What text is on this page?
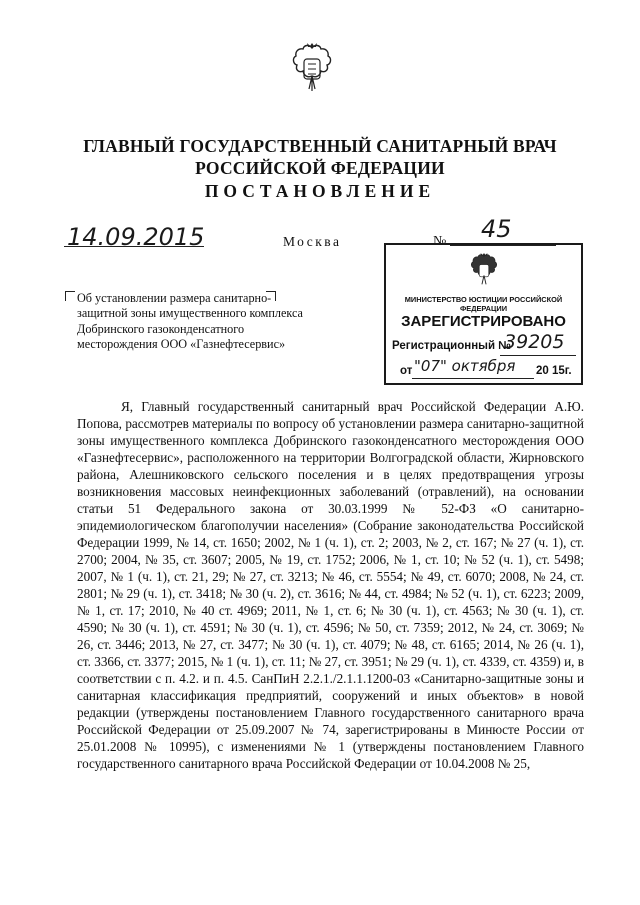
ГЛАВНЫЙ ГОСУДАРСТВЕННЫЙ САНИТАРНЫЙ ВРАЧ
РОССИЙСКОЙ ФЕДЕРАЦИИ
ПОСТАНОВЛЕНИЕ
14.09.2015	Москва	№ 45
Об установлении размера санитарно-защитной зоны имущественного комплекса Добринского газоконденсатного месторождения ООО «Газнефтесервис»
МИНИСТЕРСТВО ЮСТИЦИИ РОССИЙСКОЙ ФЕДЕРАЦИИ
ЗАРЕГИСТРИРОВАНО
Регистрационный №
39205
от "07" октября 20 15г.

Я, Главный государственный санитарный врач Российской Федерации А.Ю. Попова, рассмотрев материалы по вопросу об установлении размера санитарно-защитной зоны имущественного комплекса Добринского газоконденсатного месторождения ООО «Газнефтесервис», расположенного на территории Волгоградской области, Жирновского района, Алешниковского сельского поселения и в целях предотвращения угрозы возникновения массовых неинфекционных заболеваний (отравлений), на основании статьи 51 Федерального закона от 30.03.1999 № 52-ФЗ «О санитарно-эпидемиологическом благополучии населения» (Собрание законодательства Российской Федерации 1999, № 14, ст. 1650; 2002, № 1 (ч. 1), ст. 2; 2003, № 2, ст. 167; № 27 (ч. 1), ст. 2700; 2004, № 35, ст. 3607; 2005, № 19, ст. 1752; 2006, № 1, ст. 10; № 52 (ч. 1), ст. 5498; 2007, № 1 (ч. 1), ст. 21, 29; № 27, ст. 3213; № 46, ст. 5554; № 49, ст. 6070; 2008, № 24, ст. 2801; № 29 (ч. 1), ст. 3418; № 30 (ч. 2), ст. 3616; № 44, ст. 4984; № 52 (ч. 1), ст. 6223; 2009, № 1, ст. 17; 2010, № 40 ст. 4969; 2011, № 1, ст. 6; № 30 (ч. 1), ст. 4563; № 30 (ч. 1), ст. 4590; № 30 (ч. 1), ст. 4591; № 30 (ч. 1), ст. 4596; № 50, ст. 7359; 2012, № 24, ст. 3069; № 26, ст. 3446; 2013, № 27, ст. 3477; № 30 (ч. 1), ст. 4079; № 48, ст. 6165; 2014, № 26 (ч. 1), ст. 3366, ст. 3377; 2015, № 1 (ч. 1), ст. 11; № 27, ст. 3951; № 29 (ч. 1), ст. 4339, ст. 4359) и, в соответствии с п. 4.2. и п. 4.5. СанПиН 2.2.1./2.1.1.1200-03 «Санитарно-защитные зоны и санитарная классификация предприятий, сооружений и иных объектов» в новой редакции (утверждены постановлением Главного государственного санитарного врача Российской Федерации от 25.09.2007 № 74, зарегистрированы в Минюсте России от 25.01.2008 № 10995), с изменениями № 1 (утверждены постановлением Главного государственного санитарного врача Российской Федерации от 10.04.2008 № 25,
